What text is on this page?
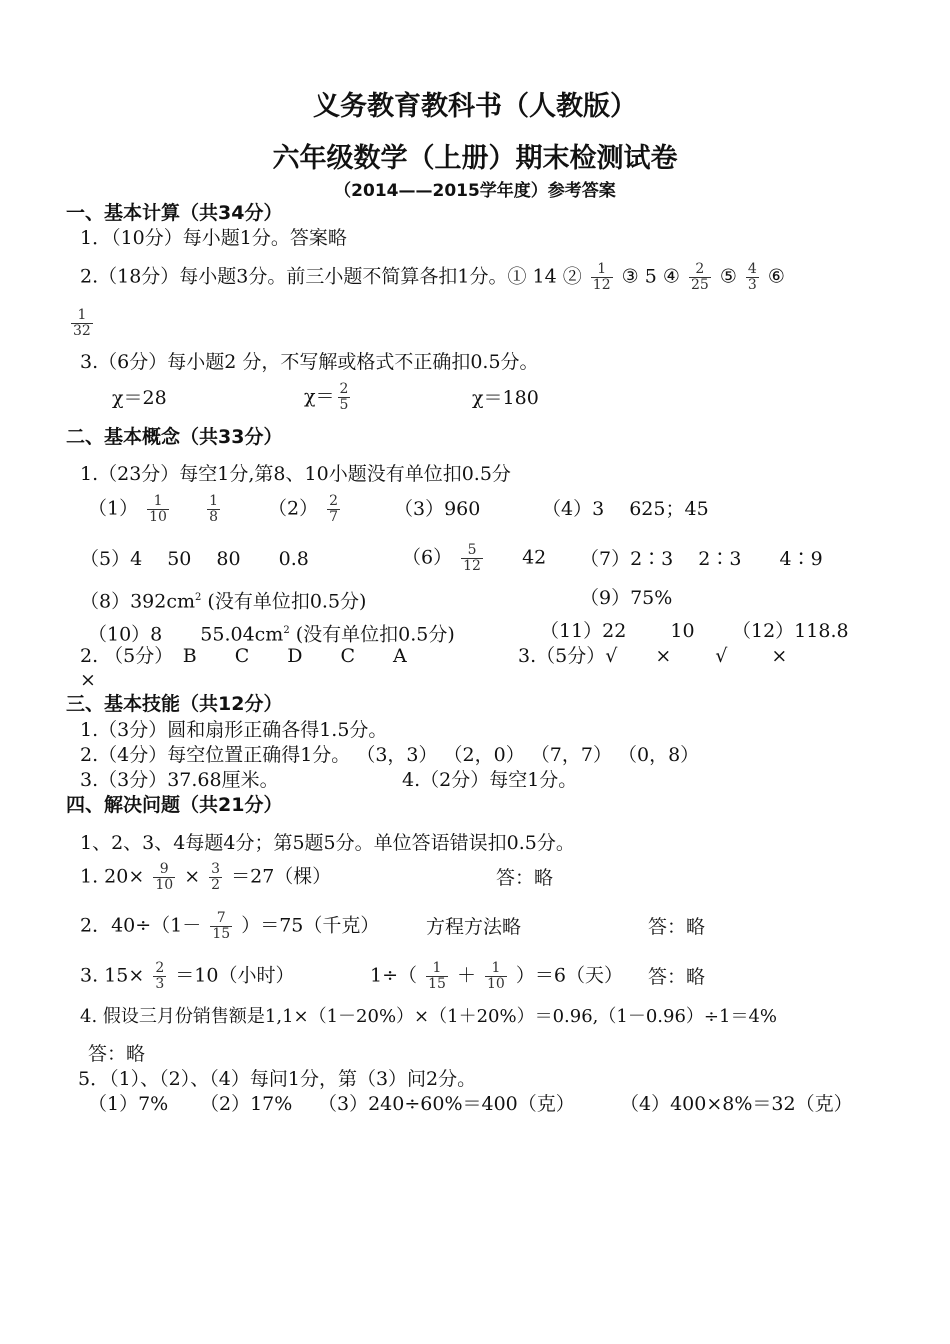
义务教育教科书（人教版）
六年级数学（上册）期末检测试卷
（2014——2015学年度）参考答案
一、基本计算（共34分）
1．（10分）每小题1分。答案略
2.（18分）每小题3分。前三小题不简算各扣1分。① 14 ② $\frac{1}{12}$ ③ 5 ④ $\frac{2}{25}$ ⑤ $\frac{4}{3}$ ⑥
$\frac{1}{32}$
3.（6分）每小题2 分，不写解或格式不正确扣0.5分。
χ＝28	$\chi= \frac{2}{5}$	χ＝180
二、基本概念（共33分）
1.（23分）每空1分,第8、10小题没有单位扣0.5分
$(1) \frac{1}{10}$
	$\frac{1}{8}$	$(2) \frac{2}{7}$	（3）960	（4）3　 625；45
（5）4　 50　 80　　0.8	$(6) \frac{5}{12} 42$ （7）2∶3　 2∶3　　4∶9
$(8)392cm^2$ (没有单位扣0.5分)	（9）75%
（10）8　　$55.04cm^2$ (没有单位扣0.5分)	（11）22　　 10 （12）118.8
2. （5分）　B　　C　　D　　C　　A	3.（5分）√　　×　　 √　　 ×
×
三、基本技能（共12分）
1.（3分）圆和扇形正确各得1.5分。
2.（4分）每空位置正确得1分。 （3，3） （2，0） （7，7） （0，8）
3.（3分）37.68厘米。	4.（2分）每空1分。
四、解决问题（共21分）
1、2、3、4每题4分；第5题5分。单位答语错误扣0.5分。
1. $20\times \frac{9}{10} \times \frac{3}{2} =27$（棵）	答：略
2．$40\div(1- \frac{7}{15} )=75$（千克） 方程方法略	答：略
3. $15\times \frac{2}{3} =10$（小时）	$1\div( \frac{1}{15} + \frac{1}{10} )=6$（天） 答：略
4. 假设三月份销售额是1,1×（1－20%）×（1＋20%）＝0.96,（1－0.96）÷1＝4%
答：略
5．（1）、（2）、（4）每问1分，第（3）问2分。
（1）7% （2）17% （3）240÷60%＝400（克） （4）400×8%＝32（克）
